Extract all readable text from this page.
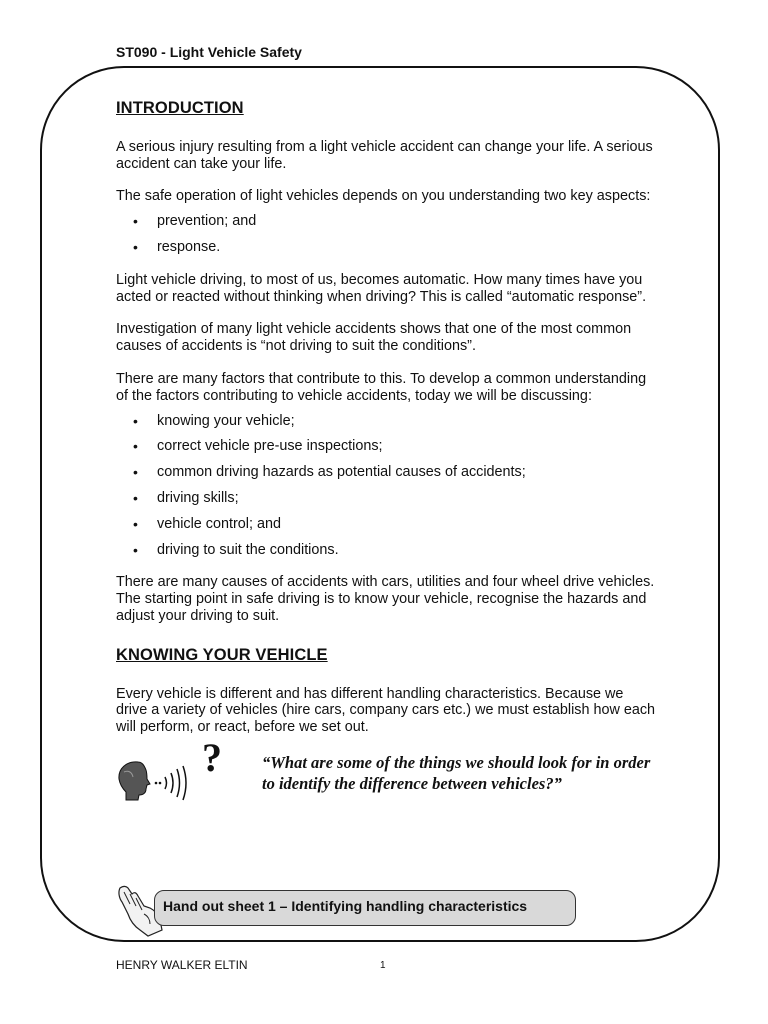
ST090 - Light Vehicle Safety
INTRODUCTION

A serious injury resulting from a light vehicle accident can change your life. A serious accident can take your life.

The safe operation of light vehicles depends on you understanding two key aspects:

• prevention; and
• response.

Light vehicle driving, to most of us, becomes automatic. How many times have you acted or reacted without thinking when driving? This is called “automatic response”.

Investigation of many light vehicle accidents shows that one of the most common causes of accidents is “not driving to suit the conditions”.

There are many factors that contribute to this. To develop a common understanding of the factors contributing to vehicle accidents, today we will be discussing:

• knowing your vehicle;
• correct vehicle pre-use inspections;
• common driving hazards as potential causes of accidents;
• driving skills;
• vehicle control; and
• driving to suit the conditions.

There are many causes of accidents with cars, utilities and four wheel drive vehicles. The starting point in safe driving is to know your vehicle, recognise the hazards and adjust your driving to suit.

KNOWING YOUR VEHICLE

Every vehicle is different and has different handling characteristics. Because we drive a variety of vehicles (hire cars, company cars etc.) we must establish how each will perform, or react, before we set out.

? “What are some of the things we should look for in order to identify the difference between vehicles?”
Hand out sheet 1 – Identifying handling characteristics
HENRY WALKER ELTIN	1
